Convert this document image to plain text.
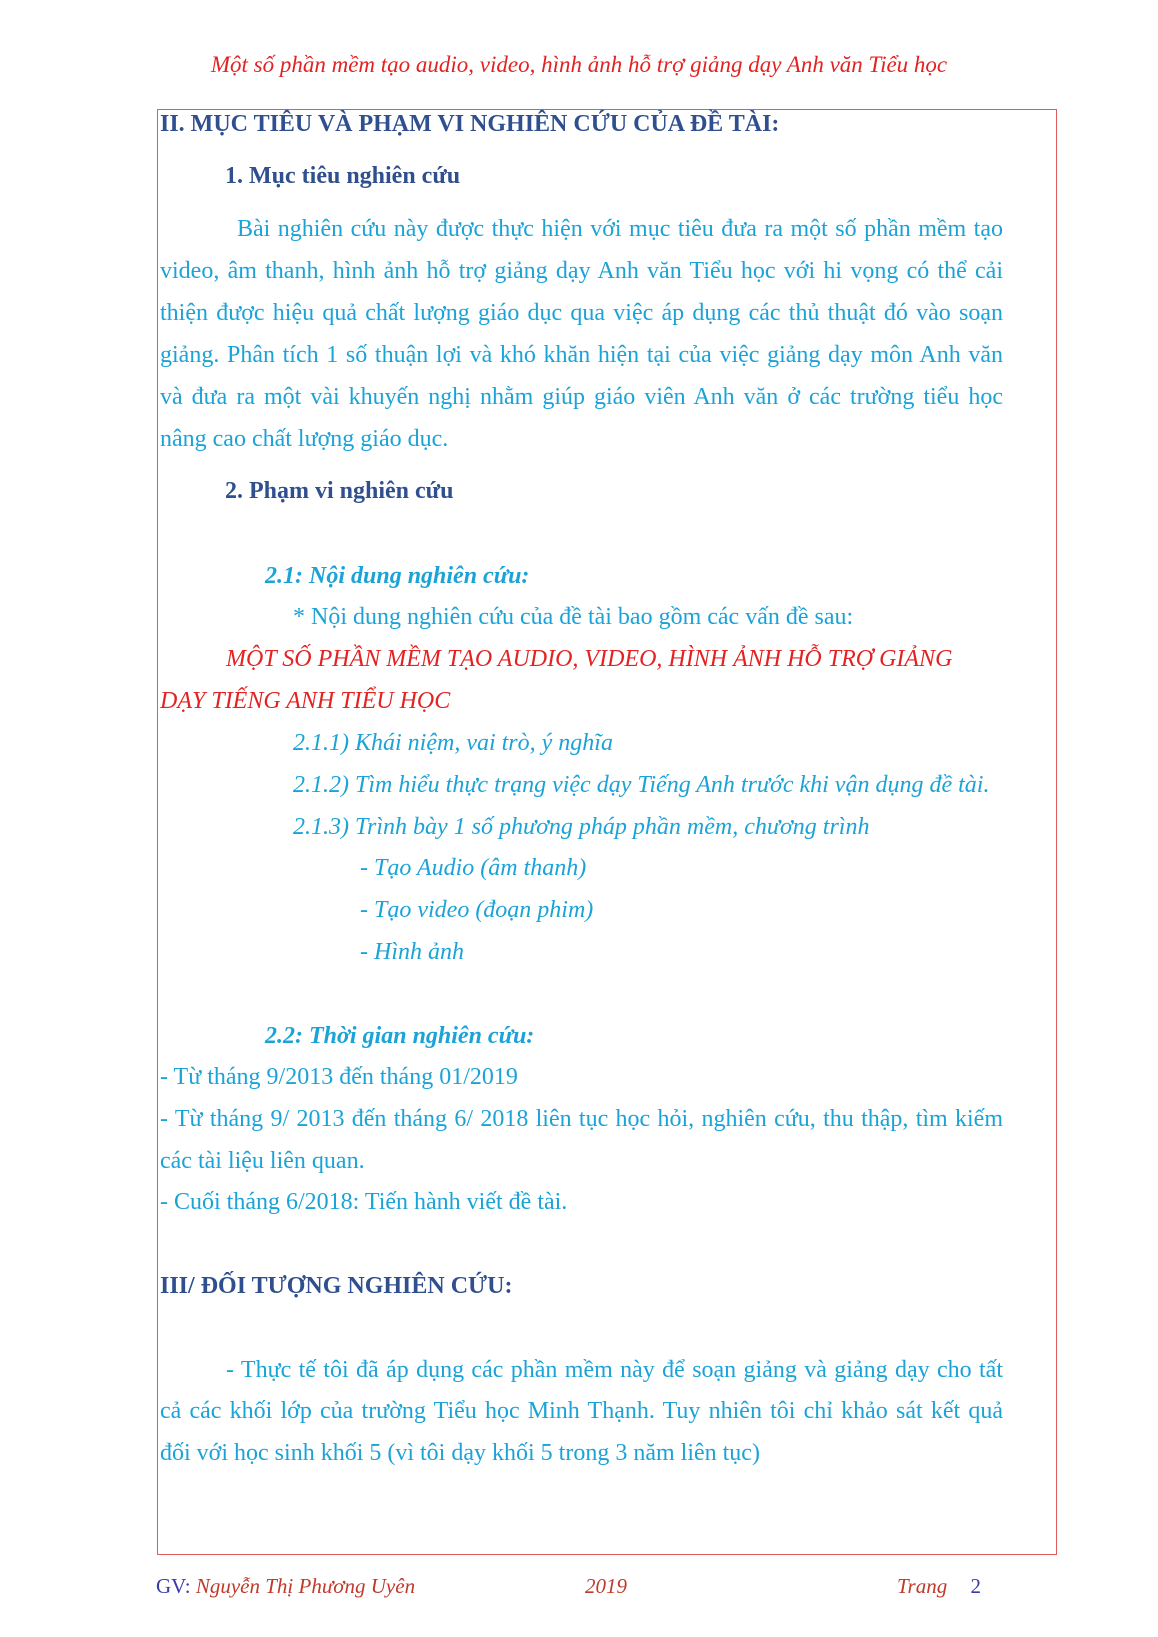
Một số phần mềm tạo audio, video, hình ảnh hỗ trợ giảng dạy Anh văn Tiểu học
II. MỤC TIÊU VÀ PHẠM VI NGHIÊN CỨU CỦA ĐỀ TÀI:
1. Mục tiêu nghiên cứu
Bài nghiên cứu này được thực hiện với mục tiêu đưa ra một số phần mềm tạo
video, âm thanh, hình ảnh hỗ trợ giảng dạy Anh văn Tiểu học với hi vọng có thể cải
thiện được hiệu quả chất lượng giáo dục qua việc áp dụng các thủ thuật đó vào soạn
giảng. Phân tích 1 số thuận lợi và khó khăn hiện tại của việc giảng dạy môn Anh văn
và đưa ra một vài khuyến nghị nhằm giúp giáo viên Anh văn ở các trường tiểu học
nâng cao chất lượng giáo dục.
2. Phạm vi nghiên cứu
2.1: Nội dung nghiên cứu:
* Nội dung nghiên cứu của đề tài bao gồm các vấn đề sau:
MỘT SỐ PHẦN MỀM TẠO AUDIO, VIDEO, HÌNH ẢNH HỖ TRỢ GIẢNG
DẠY TIẾNG ANH TIỂU HỌC
2.1.1) Khái niệm, vai trò, ý nghĩa
2.1.2) Tìm hiểu thực trạng việc dạy Tiếng Anh trước khi vận dụng đề tài.
2.1.3) Trình bày 1 số phương pháp phần mềm, chương trình
- Tạo Audio (âm thanh)
- Tạo video (đoạn phim)
- Hình ảnh
2.2: Thời gian nghiên cứu:
- Từ tháng 9/2013 đến tháng 01/2019
- Từ tháng 9/ 2013 đến tháng 6/ 2018 liên tục học hỏi, nghiên cứu, thu thập, tìm kiếm
các tài liệu liên quan.
- Cuối tháng 6/2018: Tiến hành viết đề tài.
III/ ĐỐI TƯỢNG NGHIÊN CỨU:
- Thực tế tôi đã áp dụng các phần mềm này để soạn giảng và giảng dạy cho tất
cả các khối lớp của trường Tiểu học Minh Thạnh. Tuy nhiên tôi chỉ khảo sát kết quả
đối với học sinh khối 5 (vì tôi dạy khối 5 trong 3 năm liên tục)
GV: Nguyễn Thị Phương Uyên	2019	Trang 2
